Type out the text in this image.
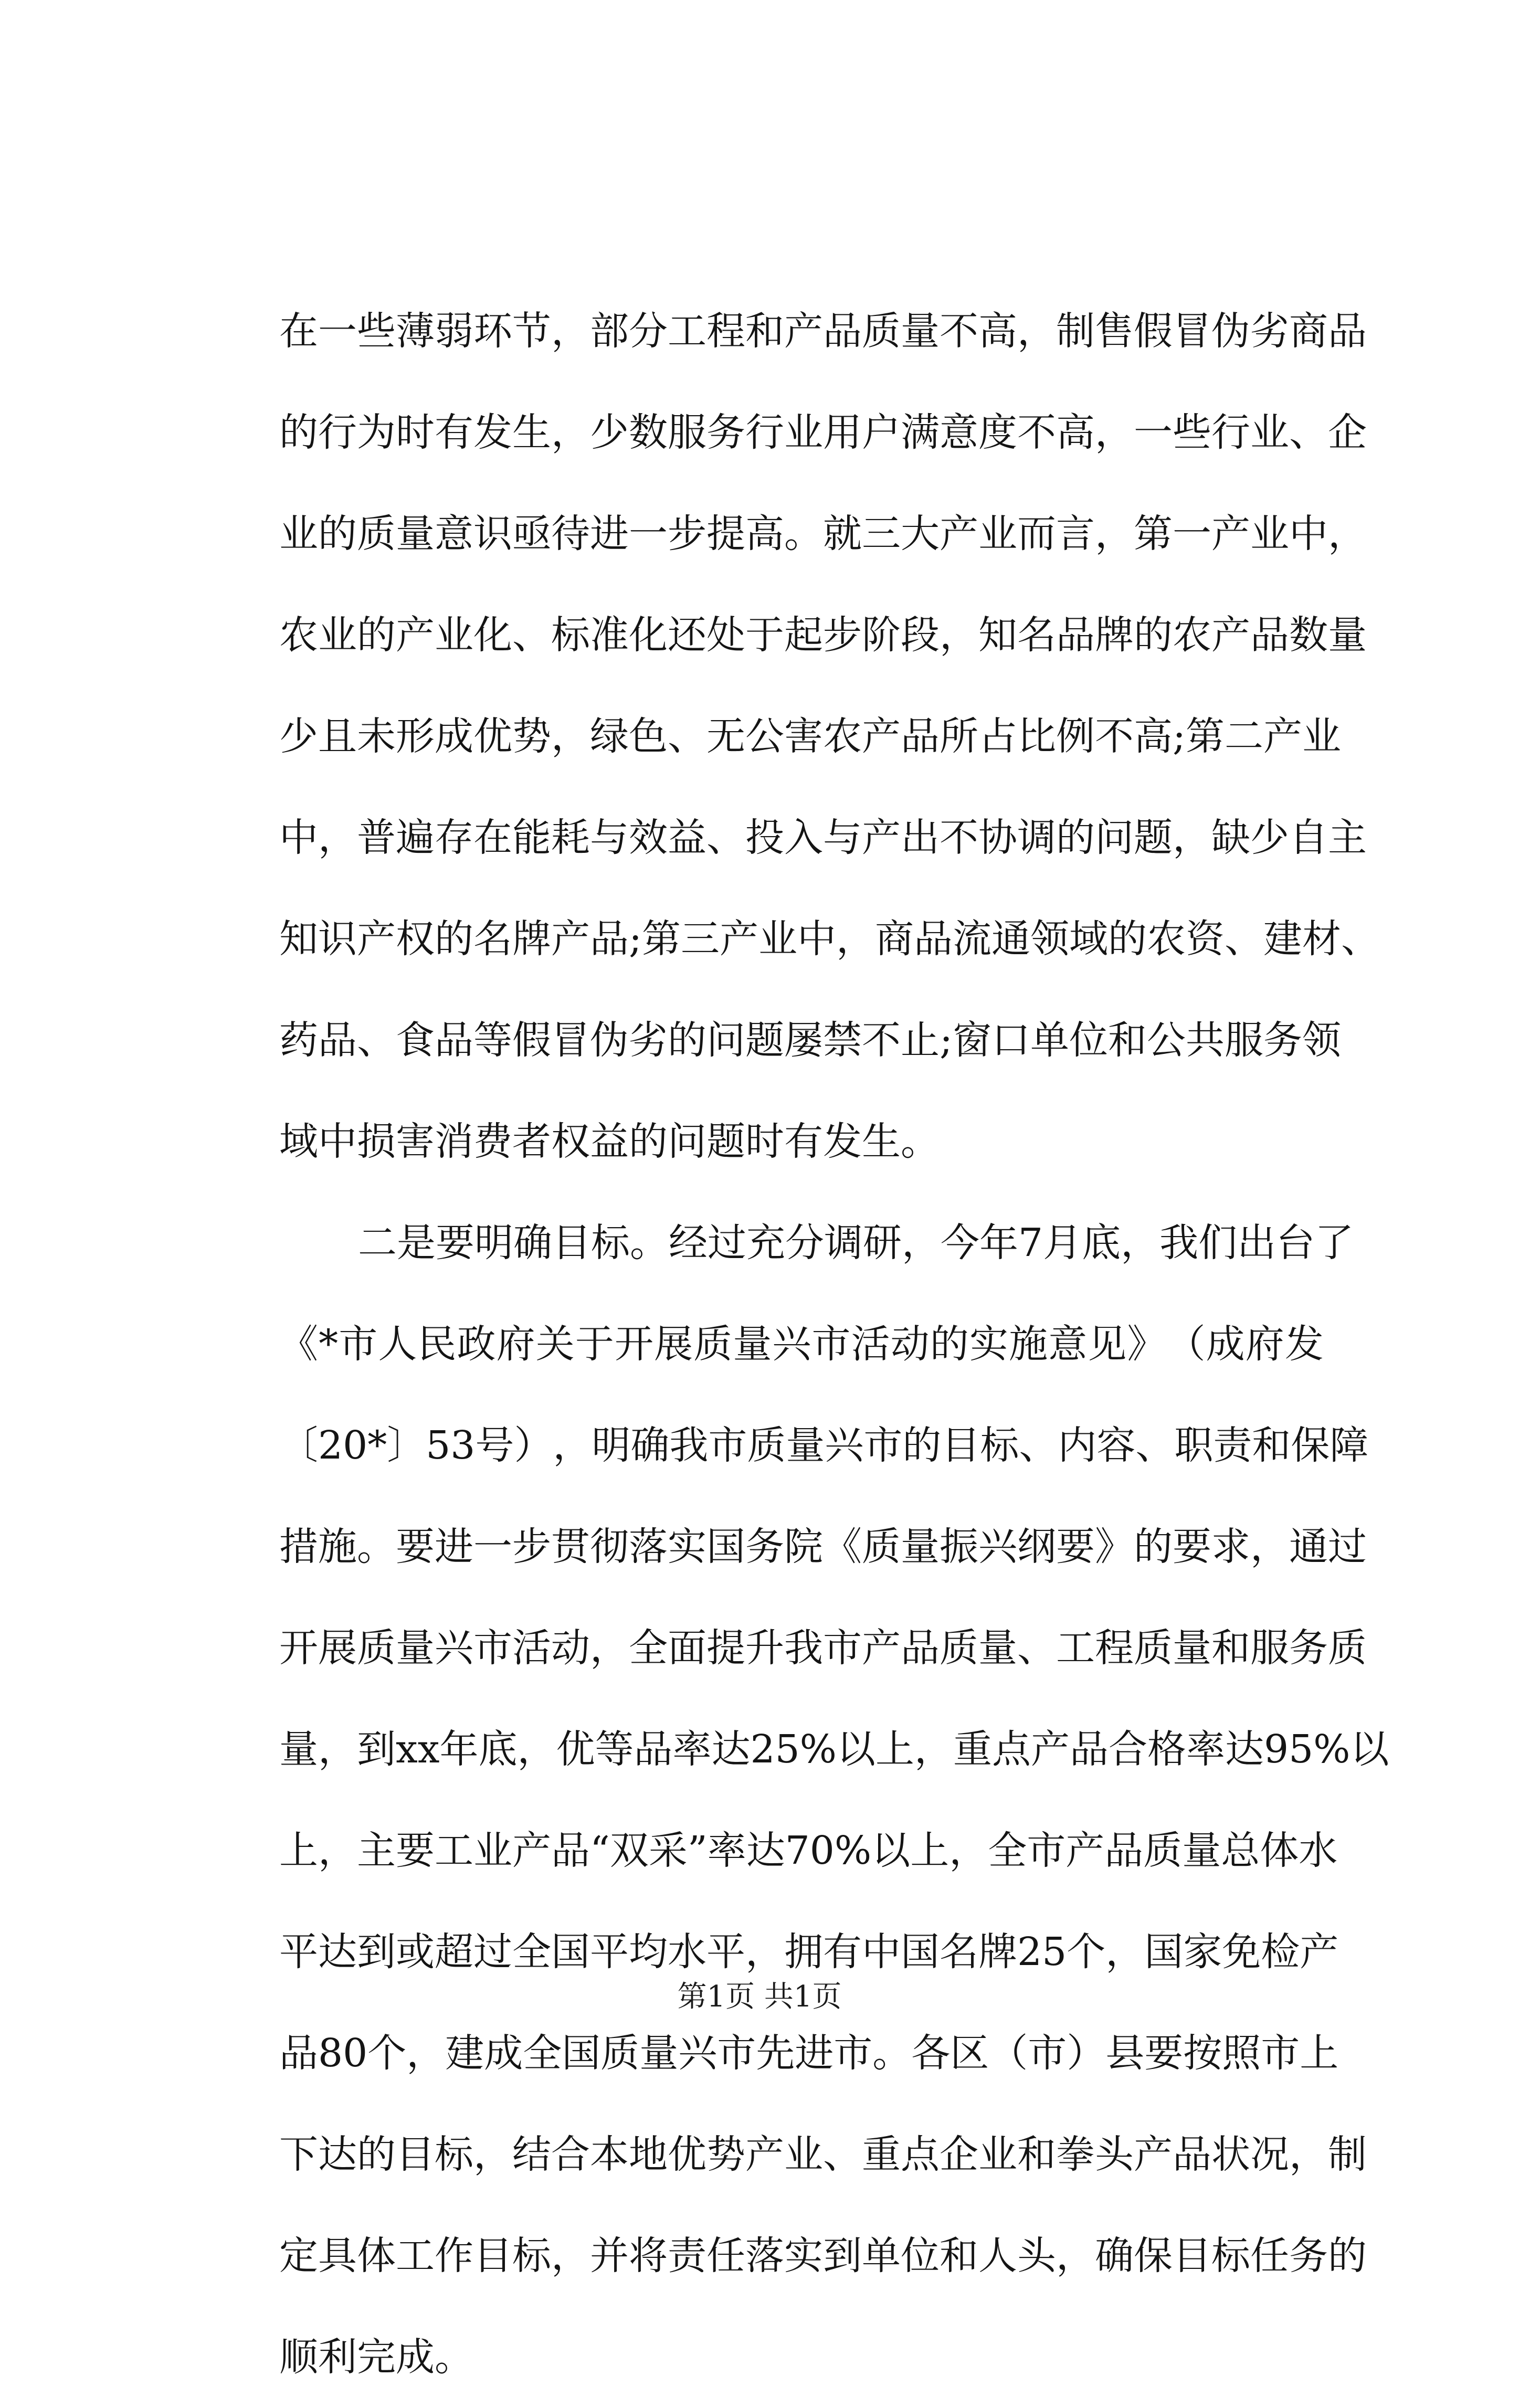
在 一 些 薄 弱 环 节 ， 部 分 工 程 和 产 品 质 量 不 高 ， 制 售 假 冒 伪 劣 商 品
的 行 为 时 有 发 生 ， 少 数 服 务 行 业 用 户 满 意 度 不 高 ， 一 些 行 业 、 企
业 的 质 量 意 识 亟 待 进 一 步 提 高 。 就 三 大 产 业 而 言 ， 第 一 产 业 中 ，
农 业 的 产 业 化 、 标 准 化 还 处 于 起 步 阶 段 ， 知 名 品 牌 的 农 产 品 数 量
少 且 未 形 成 优 势 ， 绿 色 、 无 公 害 农 产 品 所 占 比 例 不 高 ; 第 二 产 业
中 ， 普 遍 存 在 能 耗 与 效 益 、 投 入 与 产 出 不 协 调 的 问 题 ， 缺 少 自 主
知 识 产 权 的 名 牌 产 品 ; 第 三 产 业 中 ， 商 品 流 通 领 域 的 农 资 、 建 材 、
药 品 、 食 品 等 假 冒 伪 劣 的 问 题 屡 禁 不 止 ; 窗 口 单 位 和 公 共 服 务 领
域中损害消费者权益的问题时有发生。
二 是 要 明 确 目 标 。 经 过 充 分 调 研 ， 今 年 7 月 底 ， 我 们 出 台 了
《 * 市 人 民 政 府 关 于 开 展 质 量 兴 市 活 动 的 实 施 意 见 》 （ 成 府 发
〔 2 0 * 〕 5 3 号 ） ， 明 确 我 市 质 量 兴 市 的 目 标 、 内 容 、 职 责 和 保 障
措 施 。 要 进 一 步 贯 彻 落 实 国 务 院 《 质 量 振 兴 纲 要 》 的 要 求 ， 通 过
开 展 质 量 兴 市 活 动 ， 全 面 提 升 我 市 产 品 质 量 、 工 程 质 量 和 服 务 质
量 ， 到 x x 年 底 ， 优 等 品 率 达 2 5 % 以 上 ， 重 点 产 品 合 格 率 达 9 5 % 以
上 ， 主 要 工 业 产 品 “ 双 采 ” 率 达 7 0 % 以 上 ， 全 市 产 品 质 量 总 体 水
平 达 到 或 超 过 全 国 平 均 水 平 ， 拥 有 中 国 名 牌 2 5 个 ， 国 家 免 检 产
品 8 0 个 ， 建 成 全 国 质 量 兴 市 先 进 市 。 各 区 （ 市 ） 县 要 按 照 市 上
下 达 的 目 标 ， 结 合 本 地 优 势 产 业 、 重 点 企 业 和 拳 头 产 品 状 况 ， 制
定 具 体 工 作 目 标 ， 并 将 责 任 落 实 到 单 位 和 人 头 ， 确 保 目 标 任 务 的
顺利完成。
第1页 共1页
